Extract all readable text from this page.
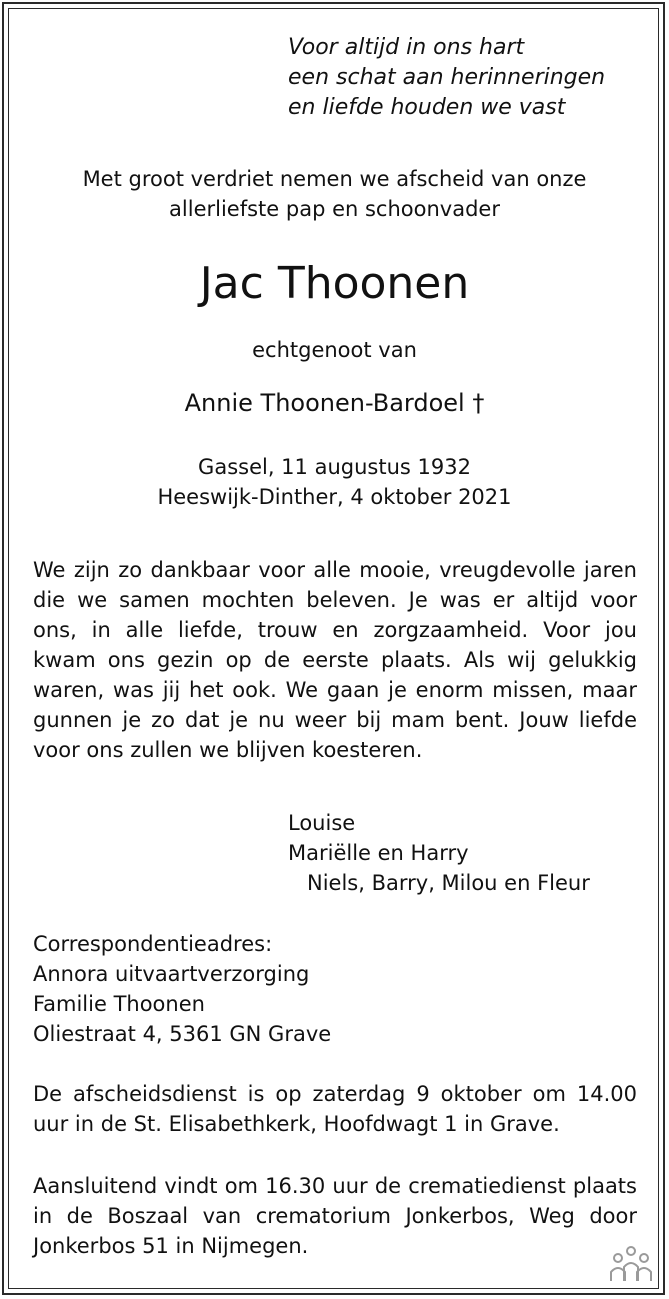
Voor altijd in ons hart
een schat aan herinneringen
en liefde houden we vast
Met groot verdriet nemen we afscheid van onze
allerliefste pap en schoonvader
Jac Thoonen
echtgenoot van
Annie Thoonen-Bardoel †
Gassel, 11 augustus 1932
Heeswijk-Dinther, 4 oktober 2021
We zijn zo dankbaar voor alle mooie, vreugdevolle jaren die we samen mochten beleven. Je was er altijd voor ons, in alle liefde, trouw en zorgzaamheid. Voor jou kwam ons gezin op de eerste plaats. Als wij gelukkig waren, was jij het ook. We gaan je enorm missen, maar gunnen je zo dat je nu weer bij mam bent. Jouw liefde voor ons zullen we blijven koesteren.
Louise
Mariëlle en Harry
Niels, Barry, Milou en Fleur
Correspondentieadres:
Annora uitvaartverzorging
Familie Thoonen
Oliestraat 4, 5361 GN Grave
De afscheidsdienst is op zaterdag 9 oktober om 14.00 uur in de St. Elisabethkerk, Hoofdwagt 1 in Grave.
Aansluitend vindt om 16.30 uur de crematiedienst plaats in de Boszaal van crematorium Jonkerbos, Weg door Jonkerbos 51 in Nijmegen.
